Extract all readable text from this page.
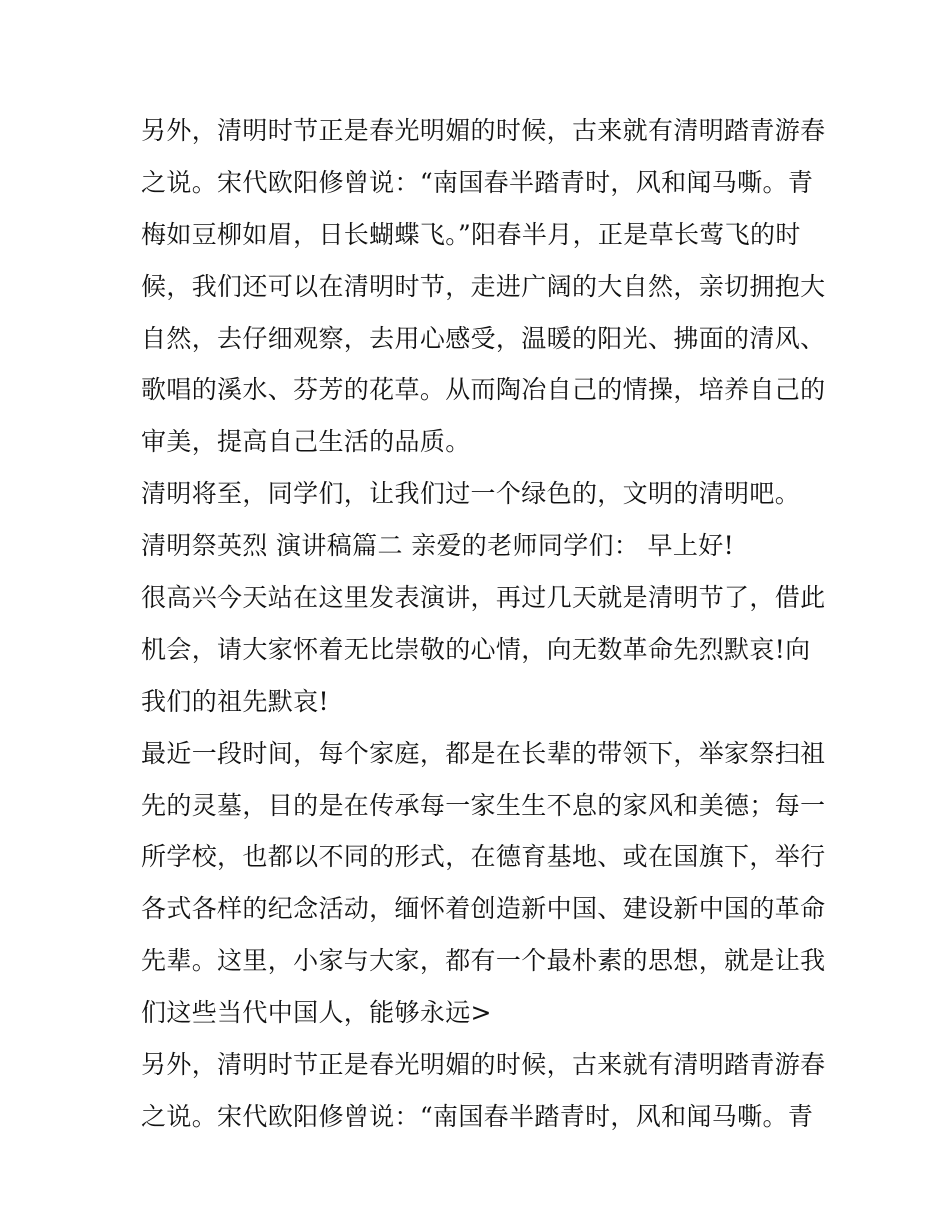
另外，清明时节正是春光明媚的时候，古来就有清明踏青游春
之说。宋代欧阳修曾说：“南国春半踏青时，风和闻马嘶。青
梅如豆柳如眉，日长蝴蝶飞。”阳春半月，正是草长莺飞的时
候，我们还可以在清明时节，走进广阔的大自然，亲切拥抱大
自然，去仔细观察，去用心感受，温暖的阳光、拂面的清风、
歌唱的溪水、芬芳的花草。从而陶冶自己的情操，培养自己的
审美，提高自己生活的品质。
清明将至，同学们，让我们过一个绿色的，文明的清明吧。
清明祭英烈 演讲稿篇二 亲爱的老师同学们： 早上好!
很高兴今天站在这里发表演讲，再过几天就是清明节了，借此
机会，请大家怀着无比崇敬的心情，向无数革命先烈默哀!向
我们的祖先默哀!
最近一段时间，每个家庭，都是在长辈的带领下，举家祭扫祖
先的灵墓，目的是在传承每一家生生不息的家风和美德；每一
所学校，也都以不同的形式，在德育基地、或在国旗下，举行
各式各样的纪念活动，缅怀着创造新中国、建设新中国的革命
先辈。这里，小家与大家，都有一个最朴素的思想，就是让我
们这些当代中国人，能够永远>
另外，清明时节正是春光明媚的时候，古来就有清明踏青游春
之说。宋代欧阳修曾说：“南国春半踏青时，风和闻马嘶。青
